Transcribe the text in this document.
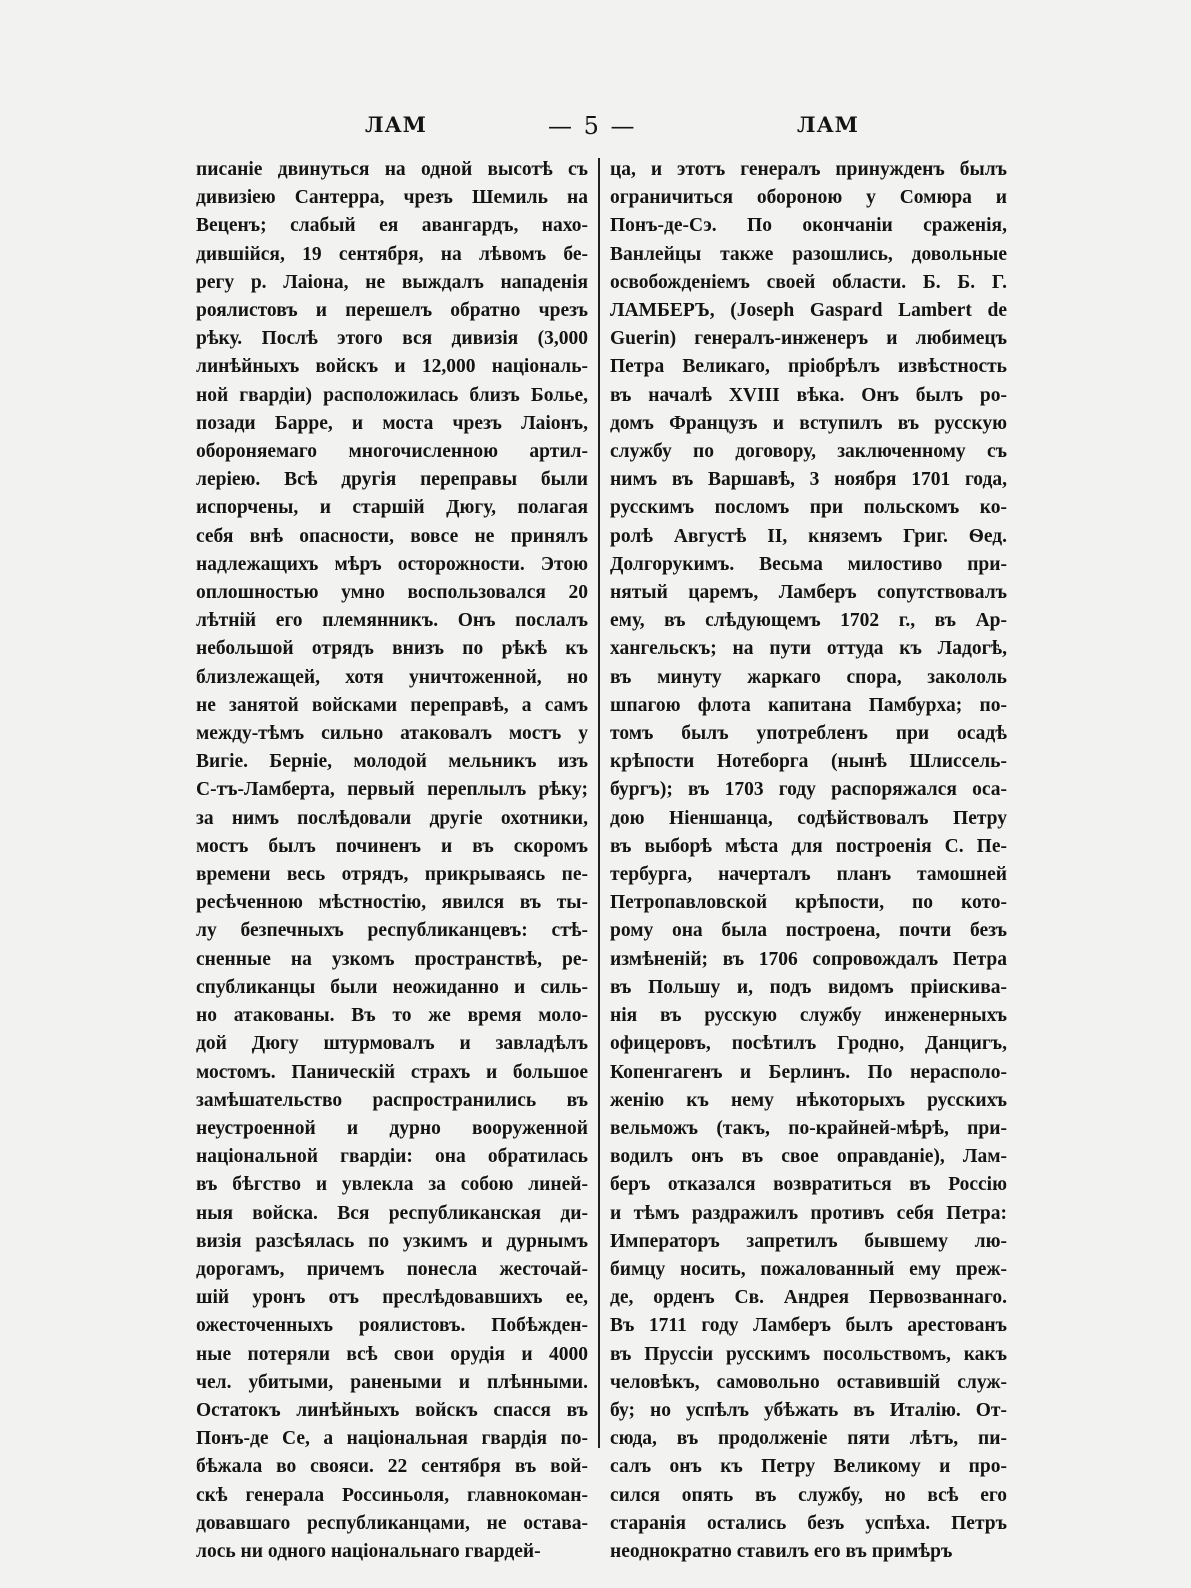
ЛАМ	— 5 —	ЛАМ
писаніе двинуться на одной высотѣ съ
дивизіею Сантерра, чрезъ Шемиль на
Веценъ; слабый ея авангардъ, нахо-
дившійся, 19 сентября, на лѣвомъ бе-
регу р. Лаіона, не выждалъ нападенія
роялистовъ и перешелъ обратно чрезъ
рѣку. Послѣ этого вся дивизія (3,000
линѣйныхъ войскъ и 12,000 національ-
ной гвардіи) расположилась близъ Болье,
позади Барре, и моста чрезъ Лаіонъ,
обороняемаго многочисленною артил-
леріею. Всѣ другія переправы были
испорчены, и старшій Дюгу, полагая
себя внѣ опасности, вовсе не принялъ
надлежащихъ мѣръ осторожности. Этою
оплошностью умно воспользовался 20
лѣтній его племянникъ. Онъ послалъ
небольшой отрядъ внизъ по рѣкѣ къ
близлежащей, хотя уничтоженной, но
не занятой войсками переправѣ, а самъ
между-тѣмъ сильно атаковалъ мостъ у
Вигіе. Берніе, молодой мельникъ изъ
С-тъ-Ламберта, первый переплылъ рѣку;
за нимъ послѣдовали другіе охотники,
мостъ былъ починенъ и въ скоромъ
времени весь отрядъ, прикрываясь пе-
ресѣченною мѣстностію, явился въ ты-
лу безпечныхъ республиканцевъ: стѣ-
сненные на узкомъ пространствѣ, ре-
спубликанцы были неожиданно и силь-
но атакованы. Въ то же время моло-
дой Дюгу штурмовалъ и завладѣлъ
мостомъ. Паническій страхъ и большое
замѣшательство распространились въ
неустроенной и дурно вооруженной
національной гвардіи: она обратилась
въ бѣгство и увлекла за собою линей-
ныя войска. Вся республиканская ди-
визія разсѣялась по узкимъ и дурнымъ
дорогамъ, причемъ понесла жесточай-
шій уронъ отъ преслѣдовавшихъ ее,
ожесточенныхъ роялистовъ. Побѣжден-
ные потеряли всѣ свои орудія и 4000
чел. убитыми, ранеными и плѣнными.
Остатокъ линѣйныхъ войскъ спасся въ
Понъ-де Се, а національная гвардія по-
бѣжала во свояси. 22 сентября въ вой-
скѣ генерала Россиньоля, главнокоман-
довавшаго республиканцами, не остава-
лось ни одного національнаго гвардей-
ца, и этотъ генералъ принужденъ былъ
ограничиться обороною у Сомюра и
Понъ-де-Сэ. По окончаніи сраженія,
Ванлейцы также разошлись, довольные
освобожденіемъ своей области. Б. Б. Г.
ЛАМБЕРЪ, (Joseph Gaspard Lambert de
Guerin) генералъ-инженеръ и любимецъ
Петра Великаго, пріобрѣлъ извѣстность
въ началѣ XVIII вѣка. Онъ былъ ро-
домъ Французъ и вступилъ въ русскую
службу по договору, заключенному съ
нимъ въ Варшавѣ, 3 ноября 1701 года,
русскимъ посломъ при польскомъ ко-
ролѣ Августѣ II, княземъ Григ. Ѳед.
Долгорукимъ. Весьма милостиво при-
нятый царемъ, Ламберъ сопутствовалъ
ему, въ слѣдующемъ 1702 г., въ Ар-
хангельскъ; на пути оттуда къ Ладогѣ,
въ минуту жаркаго спора, закололь
шпагою флота капитана Памбурха; по-
томъ былъ употребленъ при осадѣ
крѣпости Нотеборга (нынѣ Шлиссель-
бургъ); въ 1703 году распоряжался оса-
дою Ніеншанца, содѣйствовалъ Петру
въ выборѣ мѣста для построенія С. Пе-
тербурга, начерталъ планъ тамошней
Петропавловской крѣпости, по кото-
рому она была построена, почти безъ
измѣненій; въ 1706 сопровождалъ Петра
въ Польшу и, подъ видомъ пріискива-
нія въ русскую службу инженерныхъ
офицеровъ, посѣтилъ Гродно, Данцигъ,
Копенгагенъ и Берлинъ. По нерасполо-
женію къ нему нѣкоторыхъ русскихъ
вельможъ (такъ, по-крайней-мѣрѣ, при-
водилъ онъ въ свое оправданіе), Лам-
беръ отказался возвратиться въ Россію
и тѣмъ раздражилъ противъ себя Петра:
Императоръ запретилъ бывшему лю-
бимцу носить, пожалованный ему преж-
де, орденъ Св. Андрея Первозваннаго.
Въ 1711 году Ламберъ былъ арестованъ
въ Пруссіи русскимъ посольствомъ, какъ
человѣкъ, самовольно оставившій служ-
бу; но успѣлъ убѣжать въ Италію. От-
сюда, въ продолженіе пяти лѣтъ, пи-
салъ онъ къ Петру Великому и про-
сился опять въ службу, но всѣ его
старанія остались безъ успѣха. Петръ
неоднократно ставилъ его въ примѣръ
